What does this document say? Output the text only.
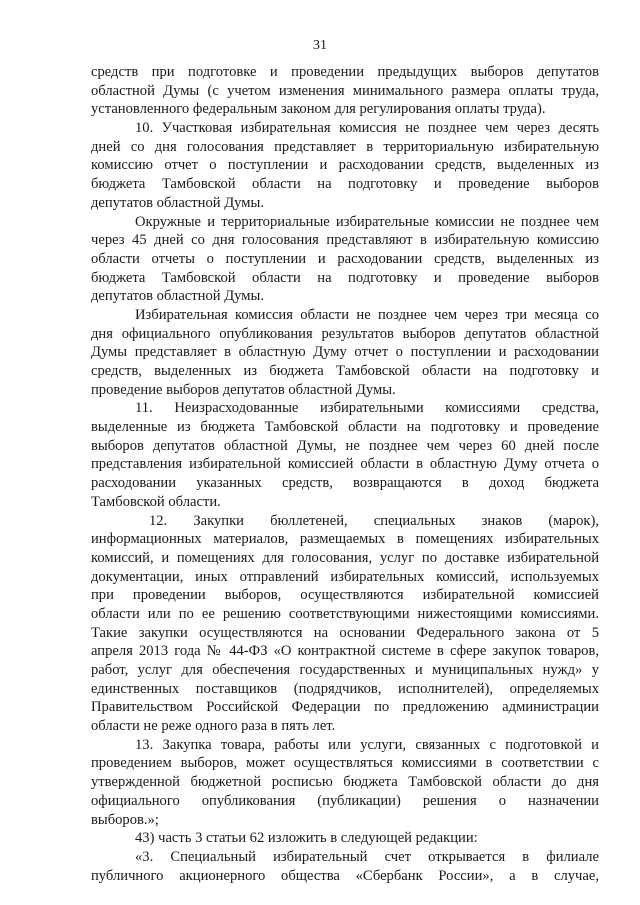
31
средств при подготовке и проведении предыдущих выборов депутатов
областной Думы (с учетом изменения минимального размера оплаты труда,
установленного федеральным законом для регулирования оплаты труда).
10. Участковая избирательная комиссия не позднее чем через десять
дней со дня голосования представляет в территориальную избирательную
комиссию отчет о поступлении и расходовании средств, выделенных из
бюджета Тамбовской области на подготовку и проведение выборов
депутатов областной Думы.
Окружные и территориальные избирательные комиссии не позднее чем
через 45 дней со дня голосования представляют в избирательную комиссию
области отчеты о поступлении и расходовании средств, выделенных из
бюджета Тамбовской области на подготовку и проведение выборов
депутатов областной Думы.
Избирательная комиссия области не позднее чем через три месяца со
дня официального опубликования результатов выборов депутатов областной
Думы представляет в областную Думу отчет о поступлении и расходовании
средств, выделенных из бюджета Тамбовской области на подготовку и
проведение выборов депутатов областной Думы.
11. Неизрасходованные избирательными комиссиями средства,
выделенные из бюджета Тамбовской области на подготовку и проведение
выборов депутатов областной Думы, не позднее чем через 60 дней после
представления избирательной комиссией области в областную Думу отчета о
расходовании указанных средств, возвращаются в доход бюджета
Тамбовской области.
12. Закупки бюллетеней, специальных знаков (марок),
информационных материалов, размещаемых в помещениях избирательных
комиссий, и помещениях для голосования, услуг по доставке избирательной
документации, иных отправлений избирательных комиссий, используемых
при проведении выборов, осуществляются избирательной комиссией
области или по ее решению соответствующими нижестоящими комиссиями.
Такие закупки осуществляются на основании Федерального закона от 5
апреля 2013 года № 44-ФЗ «О контрактной системе в сфере закупок товаров,
работ, услуг для обеспечения государственных и муниципальных нужд» у
единственных поставщиков (подрядчиков, исполнителей), определяемых
Правительством Российской Федерации по предложению администрации
области не реже одного раза в пять лет.
13. Закупка товара, работы или услуги, связанных с подготовкой и
проведением выборов, может осуществляться комиссиями в соответствии с
утвержденной бюджетной росписью бюджета Тамбовской области до дня
официального опубликования (публикации) решения о назначении
выборов.»;
43) часть 3 статьи 62 изложить в следующей редакции:
«3. Специальный избирательный счет открывается в филиале
публичного акционерного общества «Сбербанк России», а в случае,
